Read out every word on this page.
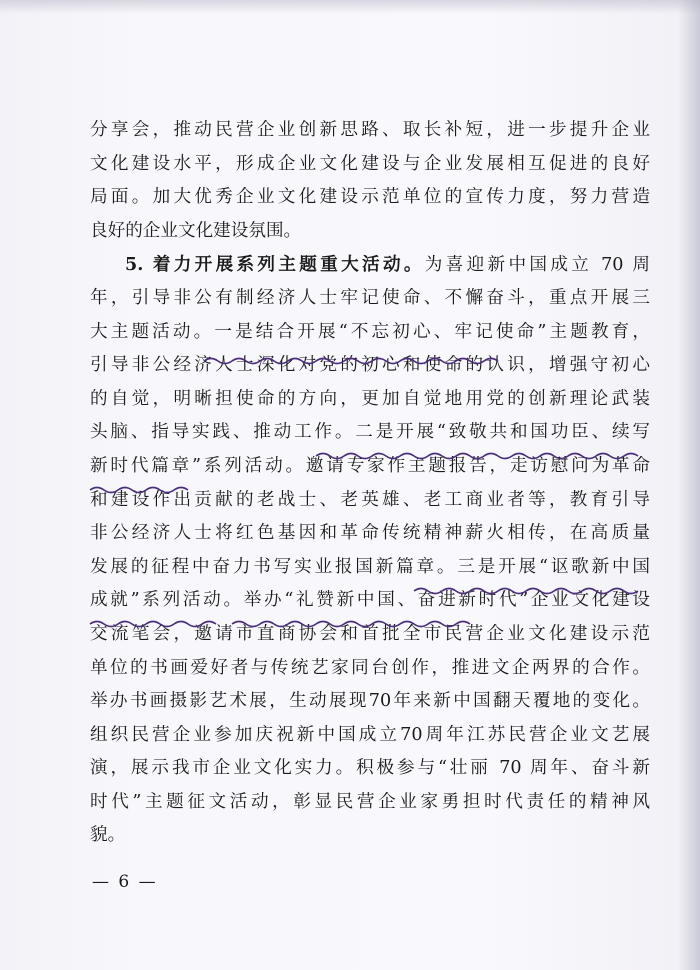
分享会，推动民营企业创新思路、取长补短，进一步提升企业
文化建设水平，形成企业文化建设与企业发展相互促进的良好
局面。加大优秀企业文化建设示范单位的宣传力度，努力营造
良好的企业文化建设氛围。
5. 着力开展系列主题重大活动。为喜迎新中国成立 70 周
年，引导非公有制经济人士牢记使命、不懈奋斗，重点开展三
大主题活动。一是结合开展“不忘初心、牢记使命”主题教育，
引导非公经济人士深化对党的初心和使命的认识，增强守初心
的自觉，明晰担使命的方向，更加自觉地用党的创新理论武装
头脑、指导实践、推动工作。二是开展“致敬共和国功臣、续写
新时代篇章”系列活动。邀请专家作主题报告，走访慰问为革命
和建设作出贡献的老战士、老英雄、老工商业者等，教育引导
非公经济人士将红色基因和革命传统精神薪火相传，在高质量
发展的征程中奋力书写实业报国新篇章。三是开展“讴歌新中国
成就”系列活动。举办“礼赞新中国、奋进新时代”企业文化建设
交流笔会，邀请市直商协会和首批全市民营企业文化建设示范
单位的书画爱好者与传统艺家同台创作，推进文企两界的合作。
举办书画摄影艺术展，生动展现70年来新中国翻天覆地的变化。
组织民营企业参加庆祝新中国成立70周年江苏民营企业文艺展
演，展示我市企业文化实力。积极参与“壮丽 70 周年、奋斗新
时代”主题征文活动，彰显民营企业家勇担时代责任的精神风
貌。
— 6 —
